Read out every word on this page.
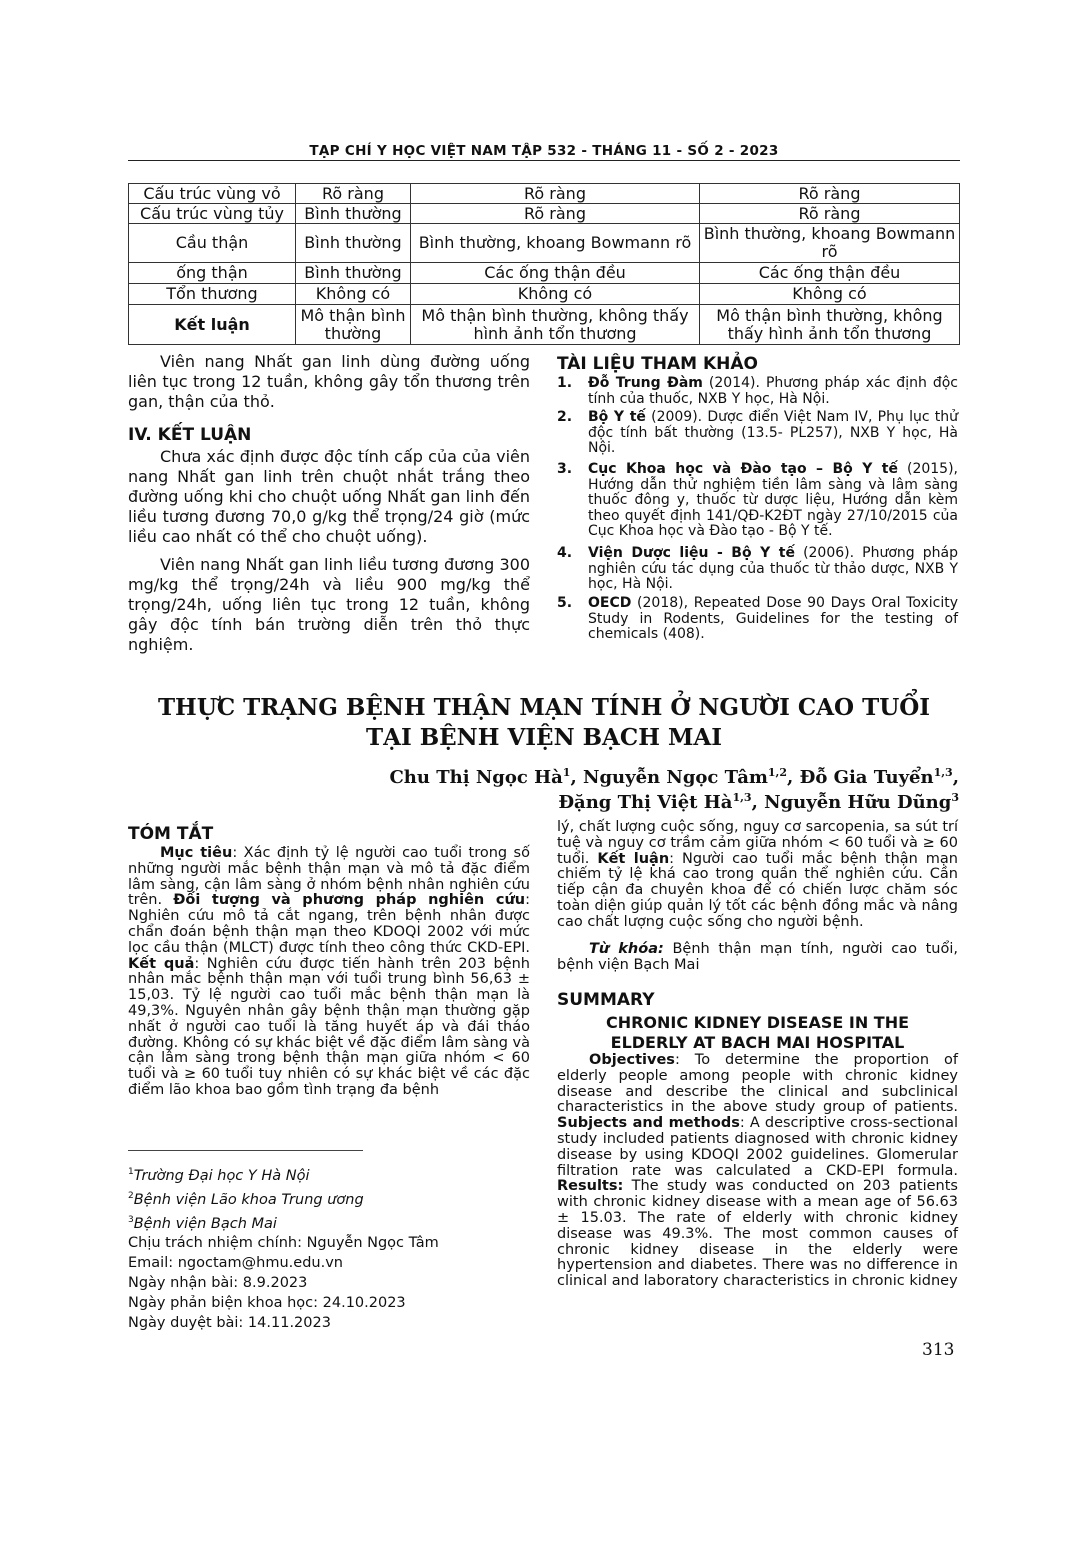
TẠP CHÍ Y HỌC VIỆT NAM TẬP 532 - THÁNG 11 - SỐ 2 - 2023
Cấu trúc vùng vỏ	Rõ ràng	Rõ ràng	Rõ ràng
Cấu trúc vùng tủy	Bình thường	Rõ ràng	Rõ ràng
Cầu thận	Bình thường	Bình thường, khoang Bowmann rõ	Bình thường, khoang Bowmann rõ
ống thận	Bình thường	Các ống thận đều	Các ống thận đều
Tổn thương	Không có	Không có	Không có
Kết luận	Mô thận bình thường	Mô thận bình thường, không thấy hình ảnh tổn thương	Mô thận bình thường, không thấy hình ảnh tổn thương
Viên nang Nhất gan linh dùng đường uống liên tục trong 12 tuần, không gây tổn thương trên gan, thận của thỏ.
IV. KẾT LUẬN
Chưa xác định được độc tính cấp của của viên nang Nhất gan linh trên chuột nhắt trắng theo đường uống khi cho chuột uống Nhất gan linh đến liều tương đương 70,0 g/kg thể trọng/24 giờ (mức liều cao nhất có thể cho chuột uống).
Viên nang Nhất gan linh liều tương đương 300 mg/kg thể trọng/24h và liều 900 mg/kg thể trọng/24h, uống liên tục trong 12 tuần, không gây độc tính bán trường diễn trên thỏ thực nghiệm.
TÀI LIỆU THAM KHẢO
1. Đỗ Trung Đàm (2014). Phương pháp xác định độc tính của thuốc, NXB Y học, Hà Nội.
2. Bộ Y tế (2009). Dược điển Việt Nam IV, Phụ lục thử độc tính bất thường (13.5- PL257), NXB Y học, Hà Nội.
3. Cục Khoa học và Đào tạo – Bộ Y tế (2015), Hướng dẫn thử nghiệm tiền lâm sàng và lâm sàng thuốc đông y, thuốc từ dược liệu, Hướng dẫn kèm theo quyết định 141/QĐ-K2ĐT ngày 27/10/2015 của Cục Khoa học và Đào tạo - Bộ Y tế.
4. Viện Dược liệu - Bộ Y tế (2006). Phương pháp nghiên cứu tác dụng của thuốc từ thảo dược, NXB Y học, Hà Nội.
5. OECD (2018), Repeated Dose 90 Days Oral Toxicity Study in Rodents, Guidelines for the testing of chemicals (408).
THỰC TRẠNG BỆNH THẬN MẠN TÍNH Ở NGƯỜI CAO TUỔI
TẠI BỆNH VIỆN BẠCH MAI
Chu Thị Ngọc $Hà^1$, Nguyễn Ngọc Tâm$^{1,2}$, Đỗ Gia Tuyển$^{1,3}$,
Đặng Thị Việt Hà$^{1,3}$, Nguyễn Hữu Dũng$^3$
TÓM TẮT
Mục tiêu: Xác định tỷ lệ người cao tuổi trong số những người mắc bệnh thận mạn và mô tả đặc điểm lâm sàng, cận lâm sàng ở nhóm bệnh nhân nghiên cứu trên. Đối tượng và phương pháp nghiên cứu: Nghiên cứu mô tả cắt ngang, trên bệnh nhân được chẩn đoán bệnh thận mạn theo KDOQI 2002 với mức lọc cầu thận (MLCT) được tính theo công thức CKD-EPI. Kết quả: Nghiên cứu được tiến hành trên 203 bệnh nhân mắc bệnh thận mạn với tuổi trung bình 56,63 ± 15,03. Tỷ lệ người cao tuổi mắc bệnh thận mạn là 49,3%. Nguyên nhân gây bệnh thận mạn thường gặp nhất ở người cao tuổi là tăng huyết áp và đái tháo đường. Không có sự khác biệt về đặc điểm lâm sàng và cận lâm sàng trong bệnh thận mạn giữa nhóm < 60 tuổi và ≥ 60 tuổi tuy nhiên có sự khác biệt về các đặc điểm lão khoa bao gồm tình trạng đa bệnh
lý, chất lượng cuộc sống, nguy cơ sarcopenia, sa sút trí tuệ và nguy cơ trầm cảm giữa nhóm < 60 tuổi và ≥ 60 tuổi. Kết luận: Người cao tuổi mắc bệnh thận mạn chiếm tỷ lệ khá cao trong quần thể nghiên cứu. Cần tiếp cận đa chuyên khoa để có chiến lược chăm sóc toàn diện giúp quản lý tốt các bệnh đồng mắc và nâng cao chất lượng cuộc sống cho người bệnh.
Từ khóa: Bệnh thận mạn tính, người cao tuổi, bệnh viện Bạch Mai
SUMMARY
CHRONIC KIDNEY DISEASE IN THE
ELDERLY AT BACH MAI HOSPITAL
Objectives: To determine the proportion of elderly people among people with chronic kidney disease and describe the clinical and subclinical characteristics in the above study group of patients. Subjects and methods: A descriptive cross-sectional study included patients diagnosed with chronic kidney disease by using KDOQI 2002 guidelines. Glomerular filtration rate was calculated a CKD-EPI formula. Results: The study was conducted on 203 patients with chronic kidney disease with a mean age of 56.63 ± 15.03. The rate of elderly with chronic kidney disease was 49.3%. The most common causes of chronic kidney disease in the elderly were hypertension and diabetes. There was no difference in clinical and laboratory characteristics in chronic kidney
$^1$Trường Đại học Y Hà Nội
$^2$Bệnh viện Lão khoa Trung ương
$^3$Bệnh viện Bạch Mai
Chịu trách nhiệm chính: Nguyễn Ngọc Tâm
Email: ngoctam@hmu.edu.vn
Ngày nhận bài: 8.9.2023
Ngày phản biện khoa học: 24.10.2023
Ngày duyệt bài: 14.11.2023
313
